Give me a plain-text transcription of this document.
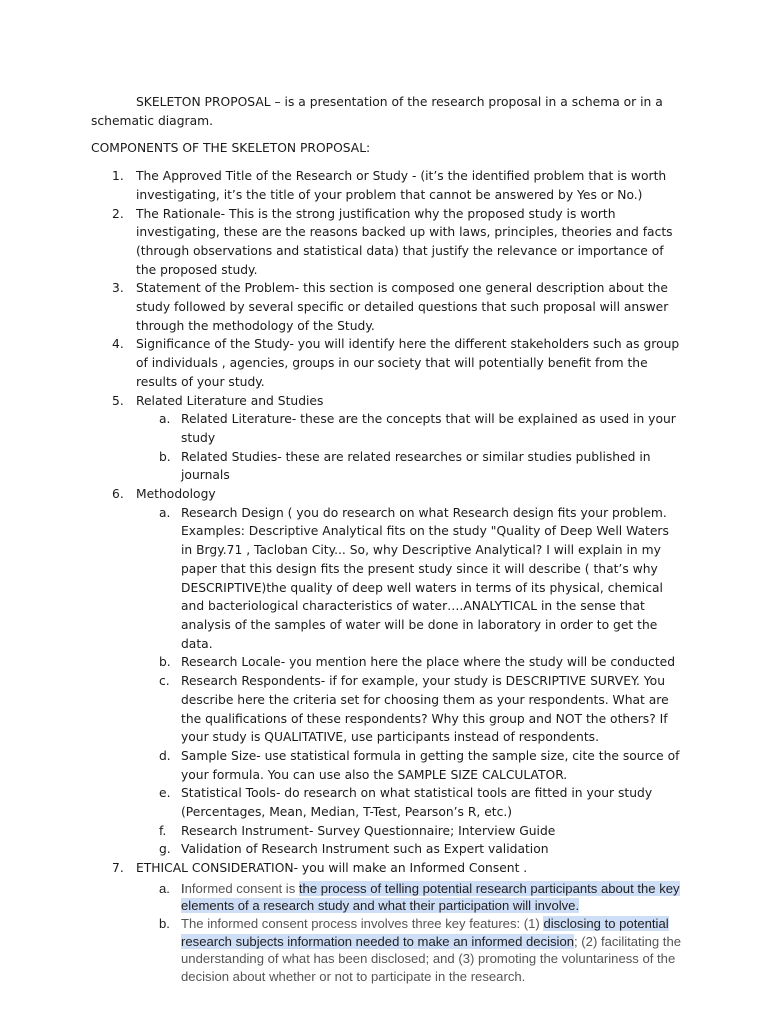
SKELETON PROPOSAL – is a presentation of the research proposal in a schema or in a schematic diagram.

COMPONENTS OF THE SKELETON PROPOSAL:

1. The Approved Title of the Research or Study - (it’s the identified problem that is worth investigating, it’s the title of your problem that cannot be answered by Yes or No.)
2. The Rationale- This is the strong justification why the proposed study is worth investigating, these are the reasons backed up with laws, principles, theories and facts (through observations and statistical data) that justify the relevance or importance of the proposed study.
3. Statement of the Problem- this section is composed one general description about the study followed by several specific or detailed questions that such proposal will answer through the methodology of the Study.
4. Significance of the Study- you will identify here the different stakeholders such as group of individuals , agencies, groups in our society that will potentially benefit from the results of your study.
5. Related Literature and Studies
a. Related Literature- these are the concepts that will be explained as used in your study
b. Related Studies- these are related researches or similar studies published in journals
6. Methodology
a. Research Design ( you do research on what Research design fits your problem. Examples: Descriptive Analytical fits on the study "Quality of Deep Well Waters in Brgy.71 , Tacloban City... So, why Descriptive Analytical? I will explain in my paper that this design fits the present study since it will describe ( that’s why DESCRIPTIVE)the quality of deep well waters in terms of its physical, chemical and bacteriological characteristics of water….ANALYTICAL in the sense that analysis of the samples of water will be done in laboratory in order to get the data.
b. Research Locale- you mention here the place where the study will be conducted
c. Research Respondents- if for example, your study is DESCRIPTIVE SURVEY. You describe here the criteria set for choosing them as your respondents. What are the qualifications of these respondents? Why this group and NOT the others? If your study is QUALITATIVE, use participants instead of respondents.
d. Sample Size- use statistical formula in getting the sample size, cite the source of your formula. You can use also the SAMPLE SIZE CALCULATOR.
e. Statistical Tools- do research on what statistical tools are fitted in your study (Percentages, Mean, Median, T-Test, Pearson’s R, etc.)
f. Research Instrument- Survey Questionnaire; Interview Guide
g. Validation of Research Instrument such as Expert validation
7. ETHICAL CONSIDERATION- you will make an Informed Consent .
a. Informed consent is the process of telling potential research participants about the key elements of a research study and what their participation will involve.
b. The informed consent process involves three key features: (1) disclosing to potential research subjects information needed to make an informed decision; (2) facilitating the understanding of what has been disclosed; and (3) promoting the voluntariness of the decision about whether or not to participate in the research.
